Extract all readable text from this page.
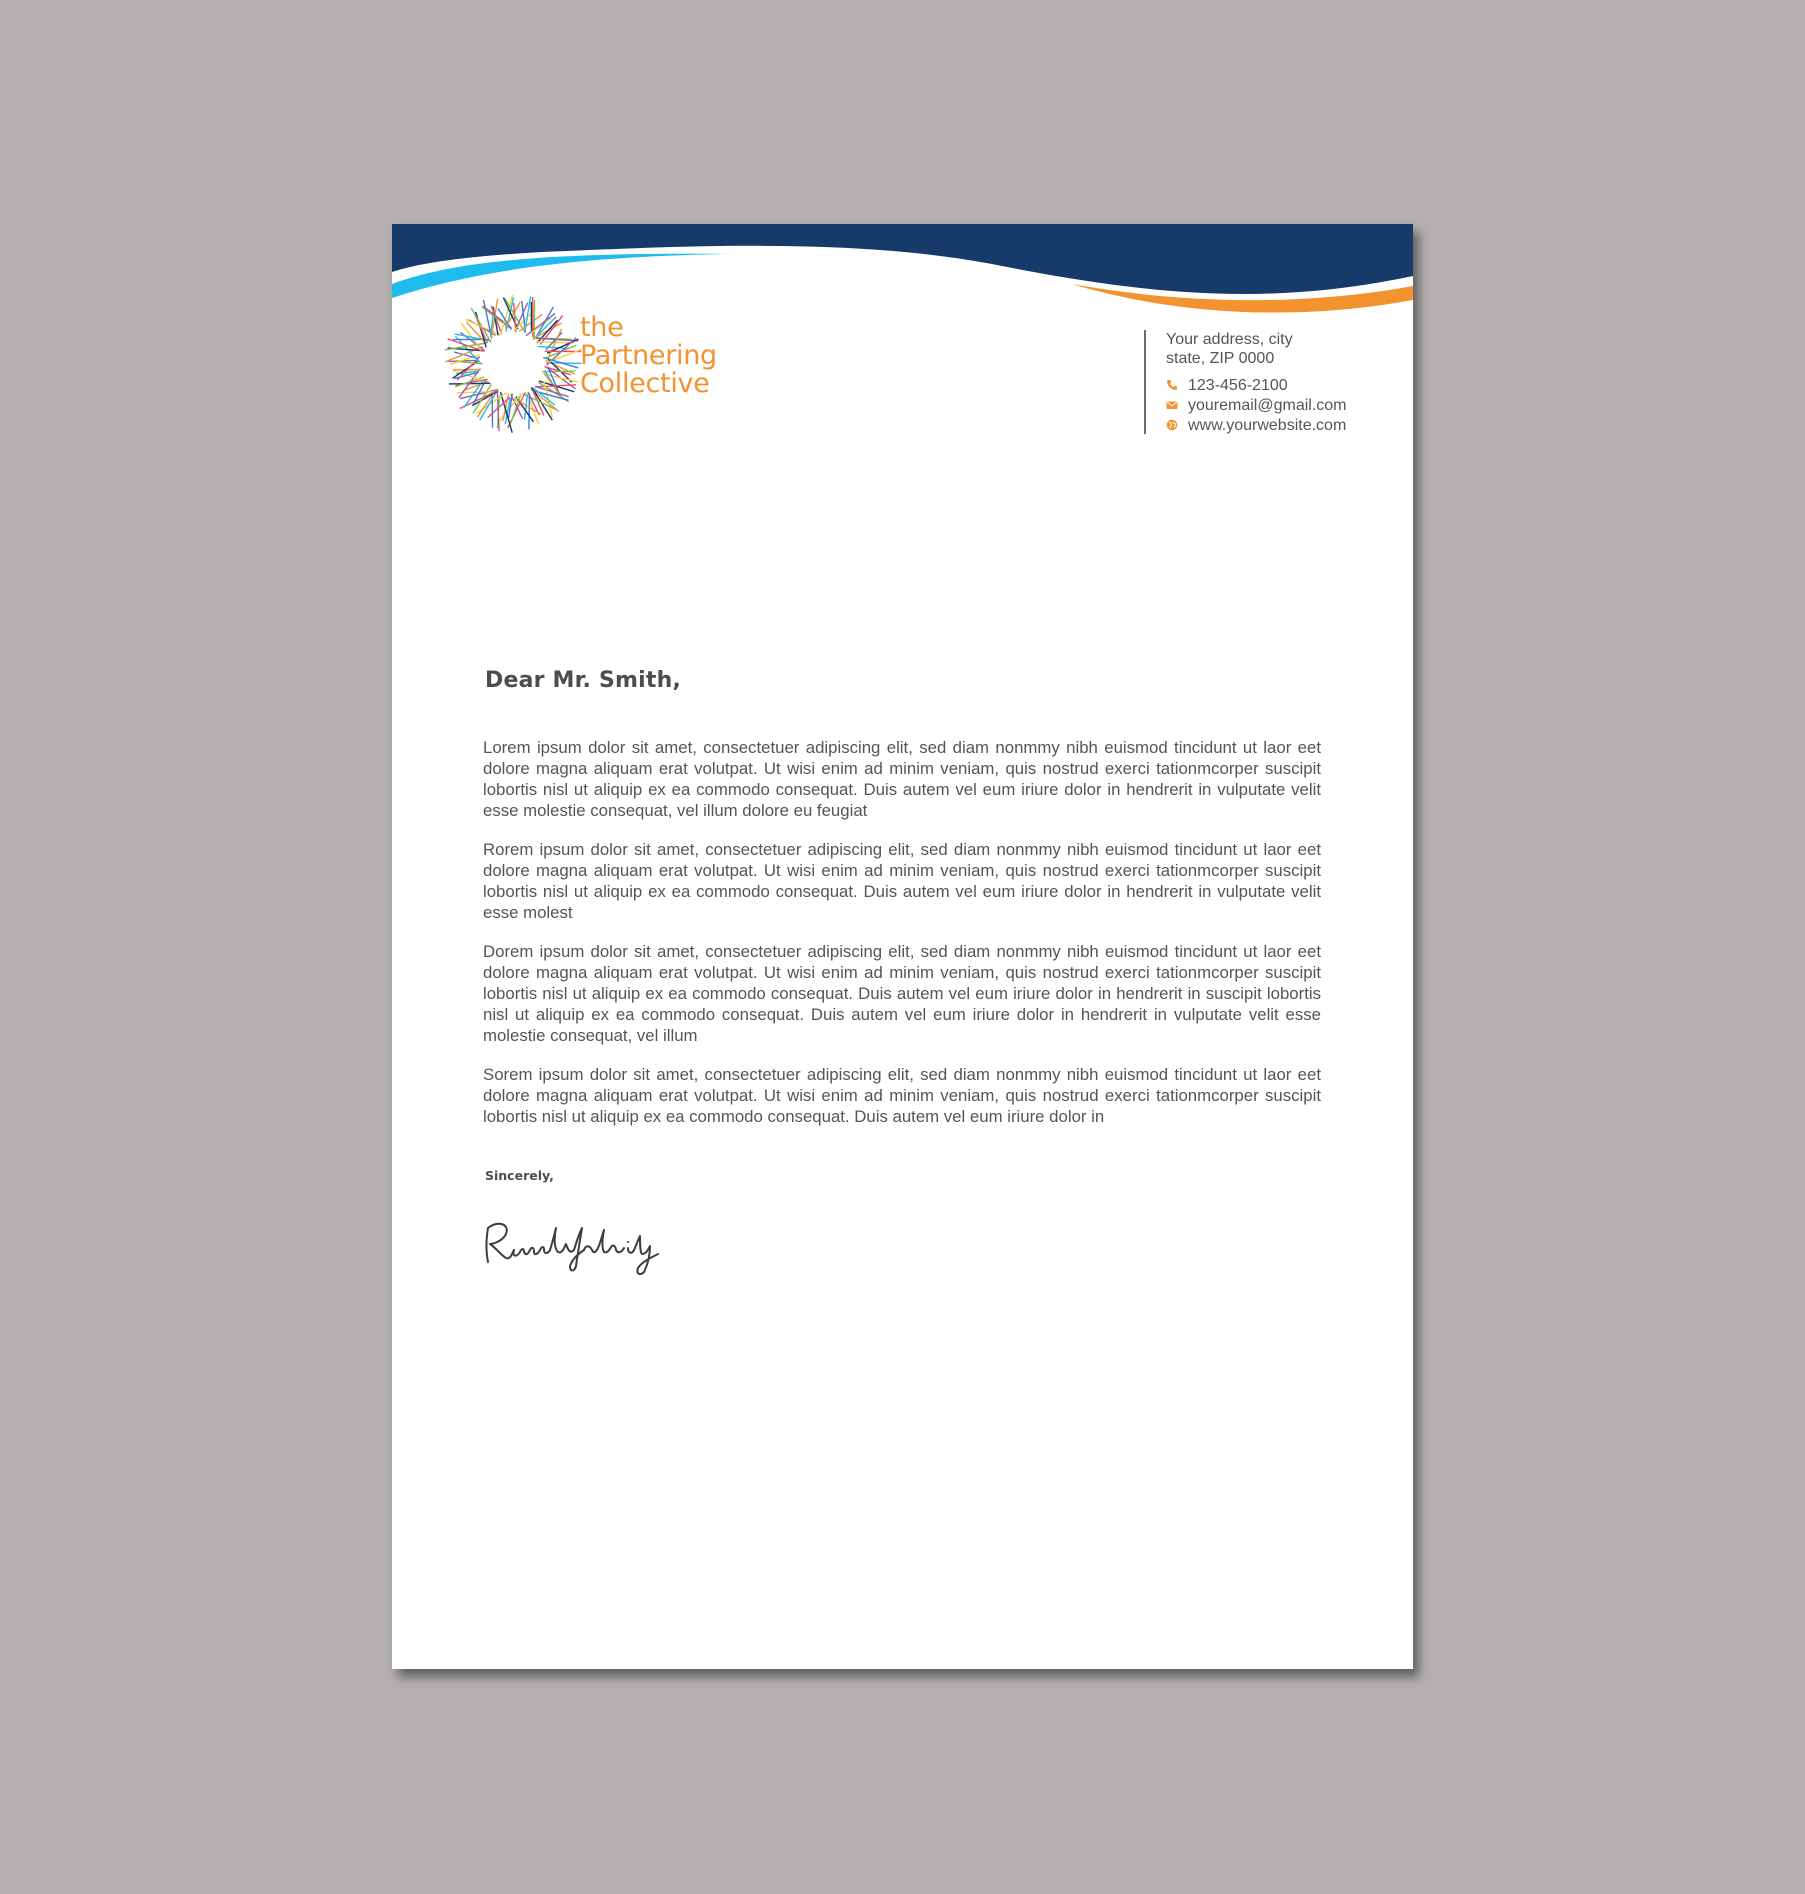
the
Partnering
Collective
Your address, city
state, ZIP 0000
123-456-2100
youremail@gmail.com
www.yourwebsite.com
Dear Mr. Smith,

Lorem ipsum dolor sit amet, consectetuer adipiscing elit, sed diam nonmmy nibh euismod tincidunt ut laor eet dolore magna aliquam erat volutpat. Ut wisi enim ad minim veniam, quis nostrud exerci tationmcorper suscipit lobortis nisl ut aliquip ex ea commodo consequat. Duis autem vel eum iriure dolor in hendrerit in vulputate velit esse molestie consequat, vel illum dolore eu feugiat

Rorem ipsum dolor sit amet, consectetuer adipiscing elit, sed diam nonmmy nibh euismod tincidunt ut laor eet dolore magna aliquam erat volutpat. Ut wisi enim ad minim veniam, quis nostrud exerci tationmcorper suscipit lobortis nisl ut aliquip ex ea commodo consequat. Duis autem vel eum iriure dolor in hendrerit in vulputate velit esse molest

Dorem ipsum dolor sit amet, consectetuer adipiscing elit, sed diam nonmmy nibh euismod tincidunt ut laor eet dolore magna aliquam erat volutpat. Ut wisi enim ad minim veniam, quis nostrud exerci tationmcorper suscipit lobortis nisl ut aliquip ex ea commodo consequat. Duis autem vel eum iriure dolor in hendrerit in suscipit lobortis nisl ut aliquip ex ea commodo consequat. Duis autem vel eum iriure dolor in hendrerit in vulputate velit esse molestie consequat, vel illum

Sorem ipsum dolor sit amet, consectetuer adipiscing elit, sed diam nonmmy nibh euismod tincidunt ut laor eet dolore magna aliquam erat volutpat. Ut wisi enim ad minim veniam, quis nostrud exerci tationmcorper suscipit lobortis nisl ut aliquip ex ea commodo consequat. Duis autem vel eum iriure dolor in

Sincerely,
